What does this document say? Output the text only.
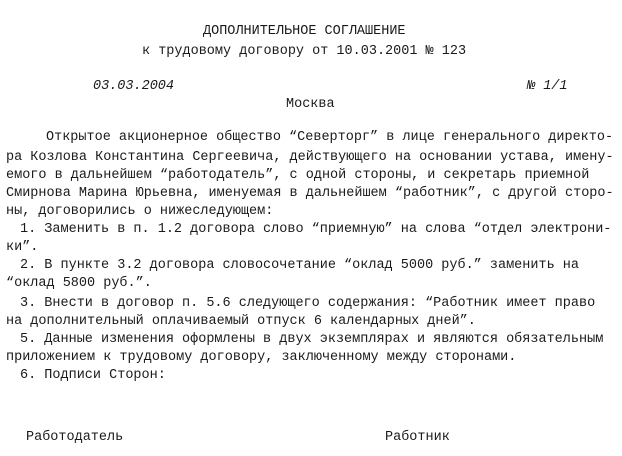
ДОПОЛНИТЕЛЬНОЕ СОГЛАШЕНИЕ
к трудовому договору от 10.03.2001 № 123
03.03.2004	№ 1/1
Москва
Открытое акционерное общество “Северторг” в лице генерального директо-
ра Козлова Константина Сергеевича, действующего на основании устава, имену-
емого в дальнейшем “работодатель”, с одной стороны, и секретарь приемной
Смирнова Марина Юрьевна, именуемая в дальнейшем “работник”, с другой сторо-
ны, договорились о нижеследующем:
1. Заменить в п. 1.2 договора слово “приемную” на слова “отдел электрони-
ки”.
2. В пункте 3.2 договора словосочетание “оклад 5000 руб.” заменить на
“оклад 5800 руб.”.
3. Внести в договор п. 5.6 следующего содержания: “Работник имеет право
на дополнительный оплачиваемый отпуск 6 календарных дней”.
5. Данные изменения оформлены в двух экземплярах и являются обязательным
приложением к трудовому договору, заключенному между сторонами.
6. Подписи Сторон:
Работодатель	Работник
